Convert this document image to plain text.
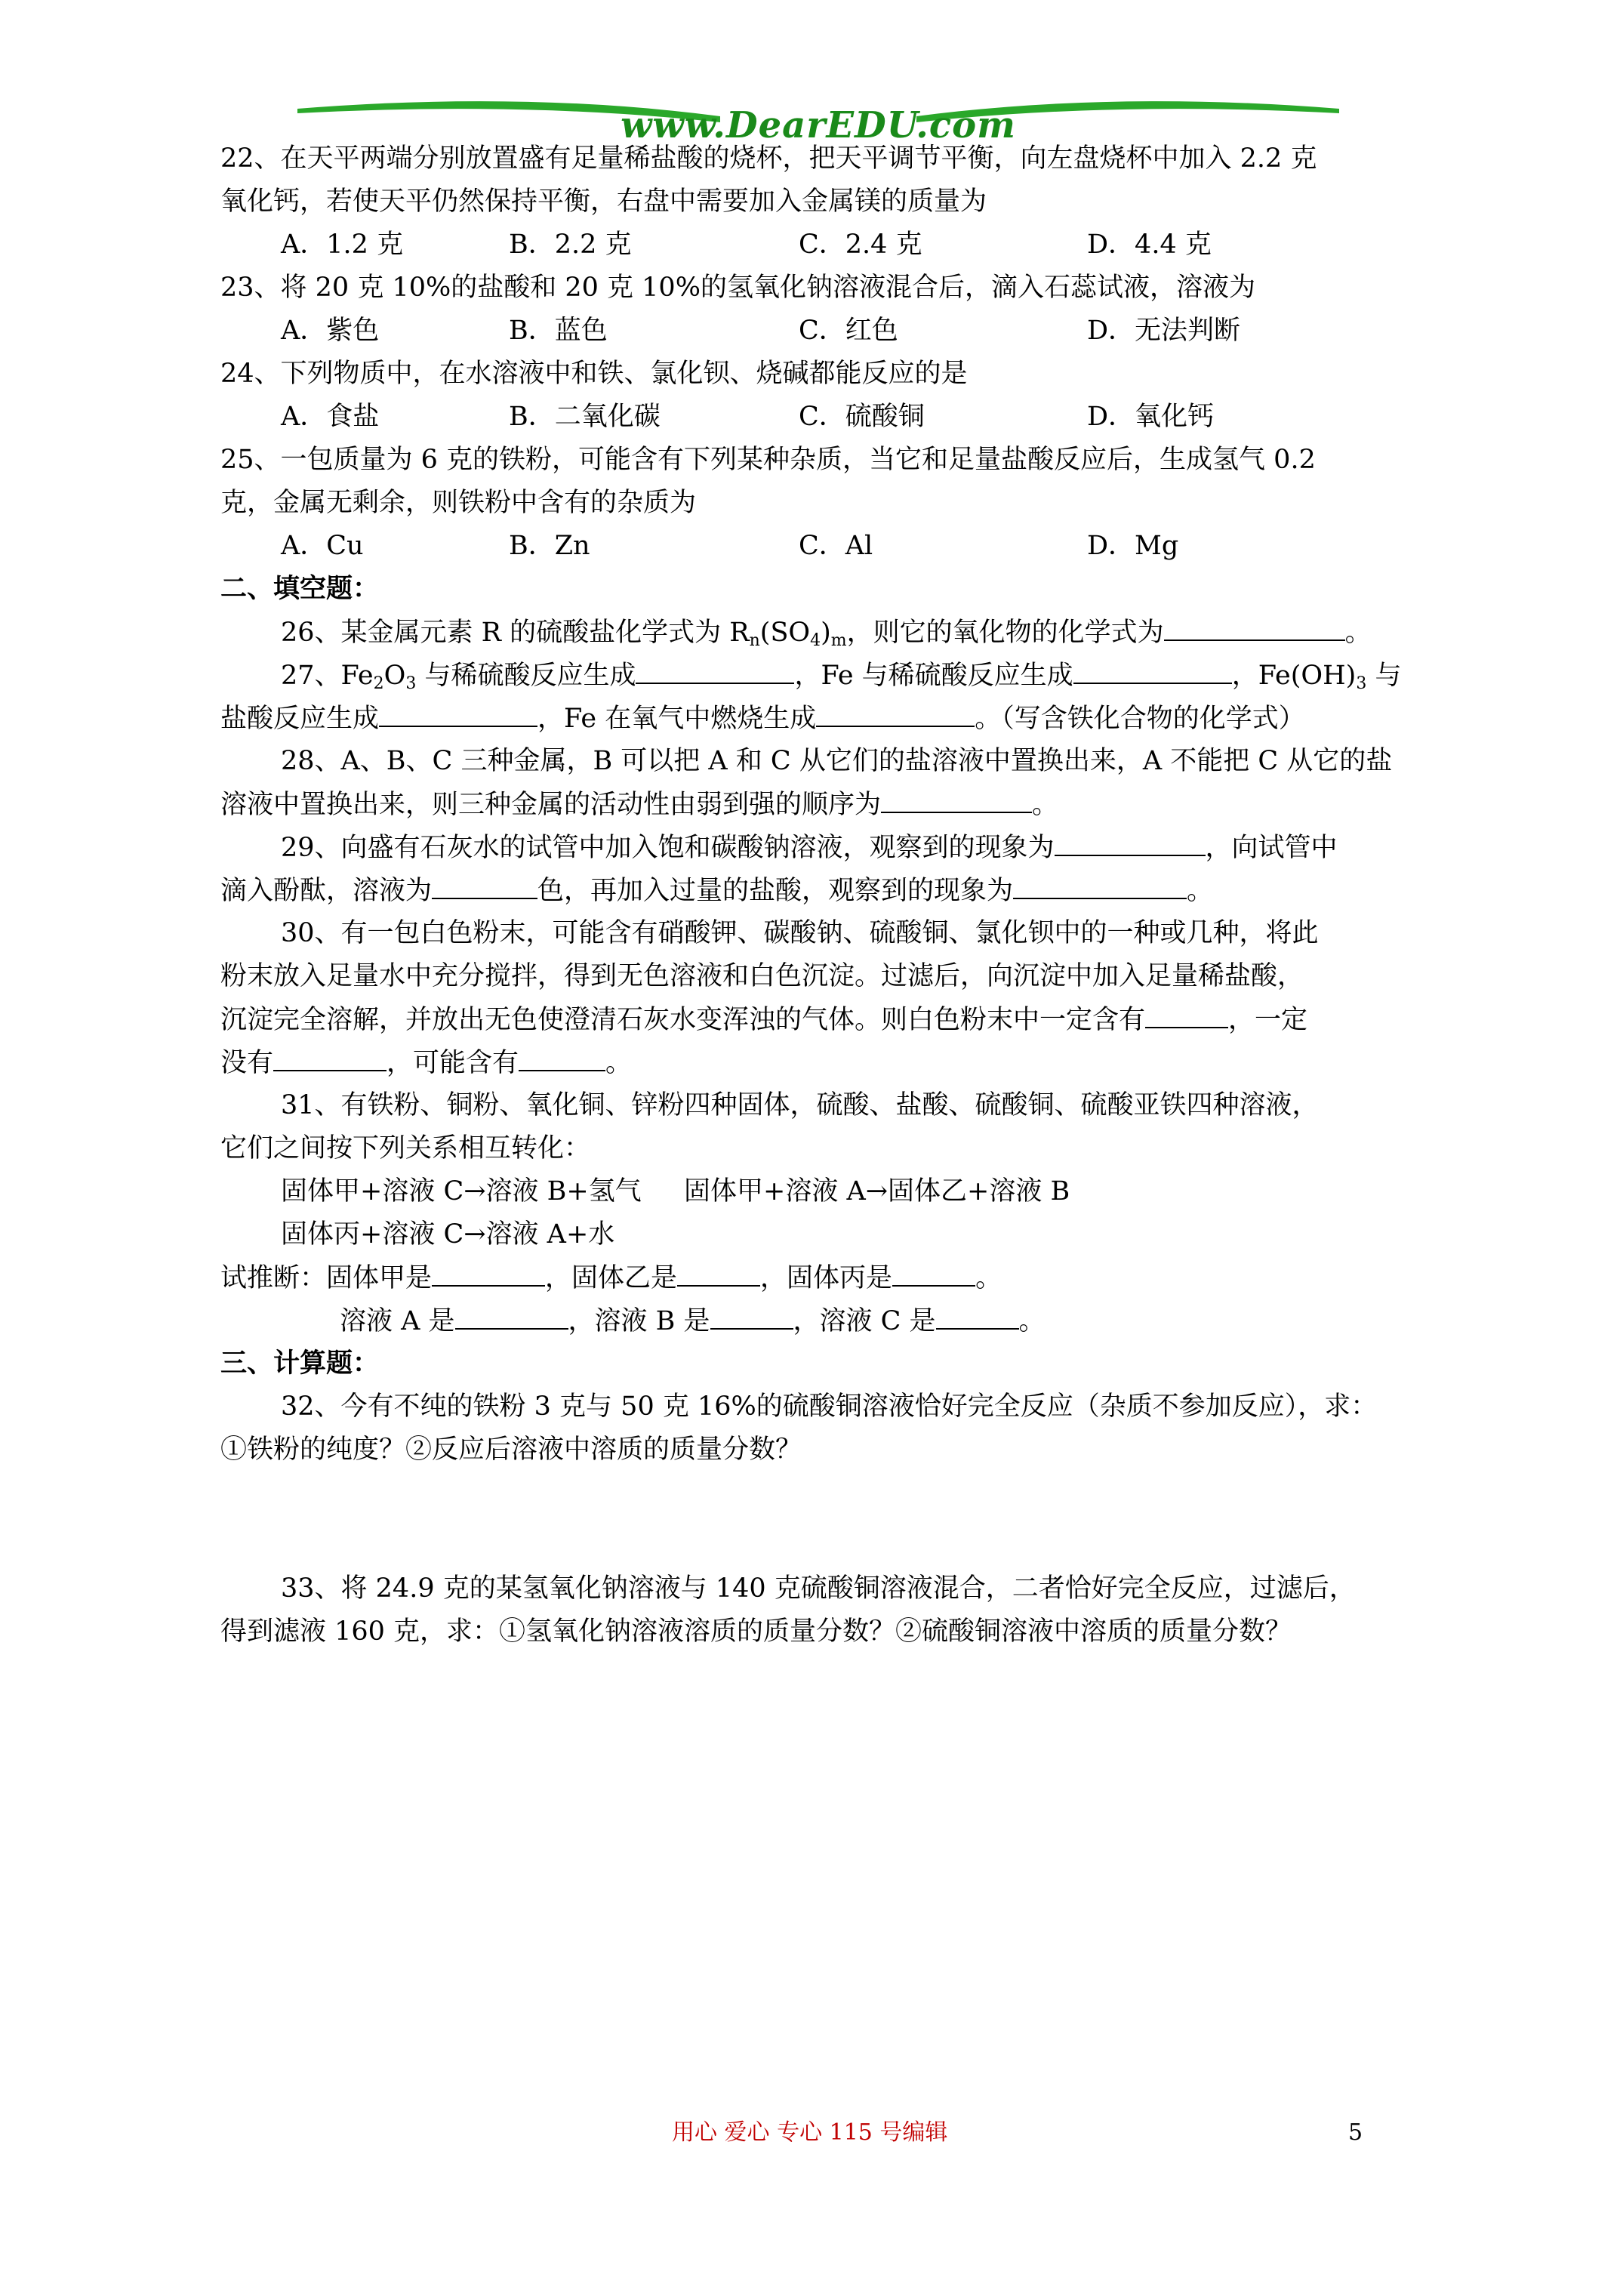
www.DearEDU.com
22、在天平两端分别放置盛有足量稀盐酸的烧杯，把天平调节平衡，向左盘烧杯中加入 2.2 克
氧化钙，若使天平仍然保持平衡，右盘中需要加入金属镁的质量为
A．1.2 克	B．2.2 克	C．2.4 克	D．4.4 克
23、将 20 克 10%的盐酸和 20 克 10%的氢氧化钠溶液混合后，滴入石蕊试液，溶液为
A．紫色	B．蓝色	C．红色	D．无法判断
24、下列物质中，在水溶液中和铁、氯化钡、烧碱都能反应的是
A．食盐	B．二氧化碳	C．硫酸铜	D．氧化钙
25、一包质量为 6 克的铁粉，可能含有下列某种杂质，当它和足量盐酸反应后，生成氢气 0.2
克，金属无剩余，则铁粉中含有的杂质为
A．Cu	B．Zn	C．Al	D．Mg
二、填空题：
26、某金属元素 R 的硫酸盐化学式为 $R_n(SO_4)_m$，则它的氧化物的化学式为	。
27、$Fe_2O_3$ 与稀硫酸反应生成	，Fe 与稀硫酸反应生成	，$Fe(OH)_3$ 与
盐酸反应生成	，Fe 在氧气中燃烧生成	。（写含铁化合物的化学式）
28、A、B、C 三种金属，B 可以把 A 和 C 从它们的盐溶液中置换出来，A 不能把 C 从它的盐
溶液中置换出来，则三种金属的活动性由弱到强的顺序为	。
29、向盛有石灰水的试管中加入饱和碳酸钠溶液，观察到的现象为	，向试管中
滴入酚酞，溶液为	色，再加入过量的盐酸，观察到的现象为	。
30、有一包白色粉末，可能含有硝酸钾、碳酸钠、硫酸铜、氯化钡中的一种或几种，将此
粉末放入足量水中充分搅拌，得到无色溶液和白色沉淀。过滤后，向沉淀中加入足量稀盐酸，
沉淀完全溶解，并放出无色使澄清石灰水变浑浊的气体。则白色粉末中一定含有	，一定
没有	，可能含有	。
31、有铁粉、铜粉、氧化铜、锌粉四种固体，硫酸、盐酸、硫酸铜、硫酸亚铁四种溶液，
它们之间按下列关系相互转化：
固体甲+溶液 C→溶液 B+氢气 固体甲+溶液 A→固体乙+溶液 B
固体丙+溶液 C→溶液 A+水
试推断：固体甲是	，固体乙是	，固体丙是	。
溶液 A 是	，溶液 B 是	，溶液 C 是	。
三、计算题：
32、今有不纯的铁粉 3 克与 50 克 16%的硫酸铜溶液恰好完全反应（杂质不参加反应），求：
①铁粉的纯度？②反应后溶液中溶质的质量分数？
33、将 24.9 克的某氢氧化钠溶液与 140 克硫酸铜溶液混合，二者恰好完全反应，过滤后，
得到滤液 160 克，求：①氢氧化钠溶液溶质的质量分数？②硫酸铜溶液中溶质的质量分数？
用心 爱心 专心 115 号编辑	5
